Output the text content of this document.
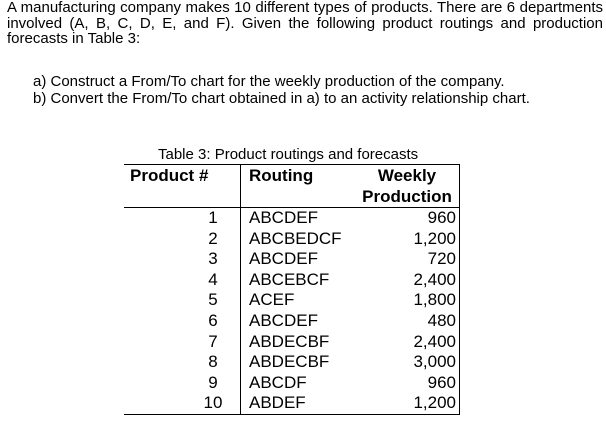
A manufacturing company makes 10 different types of products. There are 6 departments involved (A, B, C, D, E, and F). Given the following product routings and production forecasts in Table 3:

a) Construct a From/To chart for the weekly production of the company.
b) Convert the From/To chart obtained in a) to an activity relationship chart.
Table 3: Product routings and forecasts
Product #	Routing	Weekly
Production

1	ABCDEF	960
2	ABCBEDCF	1,200
3	ABCDEF	720
4	ABCEBCF	2,400
5	ACEF	1,800
6	ABCDEF	480
7	ABDECBF	2,400
8	ABDECBF	3,000
9	ABCDF	960
10	ABDEF	1,200
